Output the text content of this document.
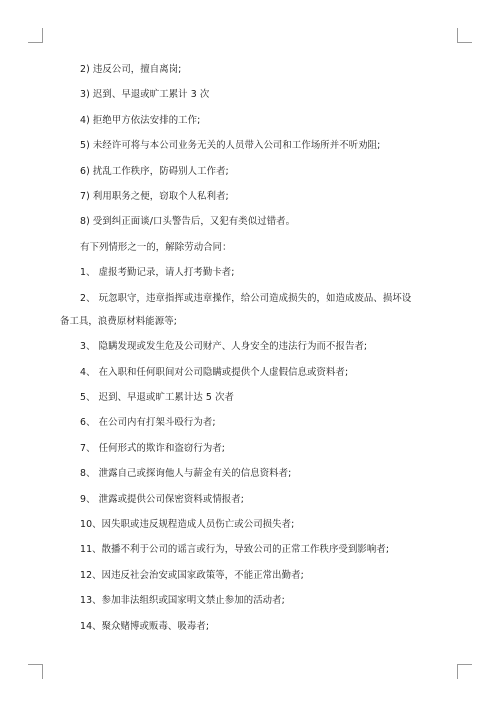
2) 违反公司，擅自离岗;
3) 迟到、早退或旷工累计 3 次
4) 拒绝甲方依法安排的工作;
5) 未经许可将与本公司业务无关的人员带入公司和工作场所并不听劝阻;
6) 扰乱工作秩序，防碍别人工作者;
7) 利用职务之便，窃取个人私利者;
8) 受到纠正面谈/口头警告后，又犯有类似过错者。
有下列情形之一的，解除劳动合同：
1、 虚报考勤记录，请人打考勤卡者;
2、 玩忽职守，违章指挥或违章操作，给公司造成损失的，如造成废品、损坏设
备工具，浪费原材料能源等;
3、 隐瞒发现或发生危及公司财产、人身安全的违法行为而不报告者;
4、 在入职和任何职间对公司隐瞒或提供个人虚假信息或资料者;
5、 迟到、早退或旷工累计达 5 次者
6、 在公司内有打架斗殴行为者;
7、 任何形式的欺诈和盗窃行为者;
8、 泄露自己或探询他人与薪金有关的信息资料者;
9、 泄露或提供公司保密资料或情报者;
10、因失职或违反规程造成人员伤亡或公司损失者;
11、散播不利于公司的谣言或行为，导致公司的正常工作秩序受到影响者;
12、因违反社会治安或国家政策等，不能正常出勤者;
13、参加非法组织或国家明文禁止参加的活动者;
14、聚众赌博或贩毒、吸毒者;
